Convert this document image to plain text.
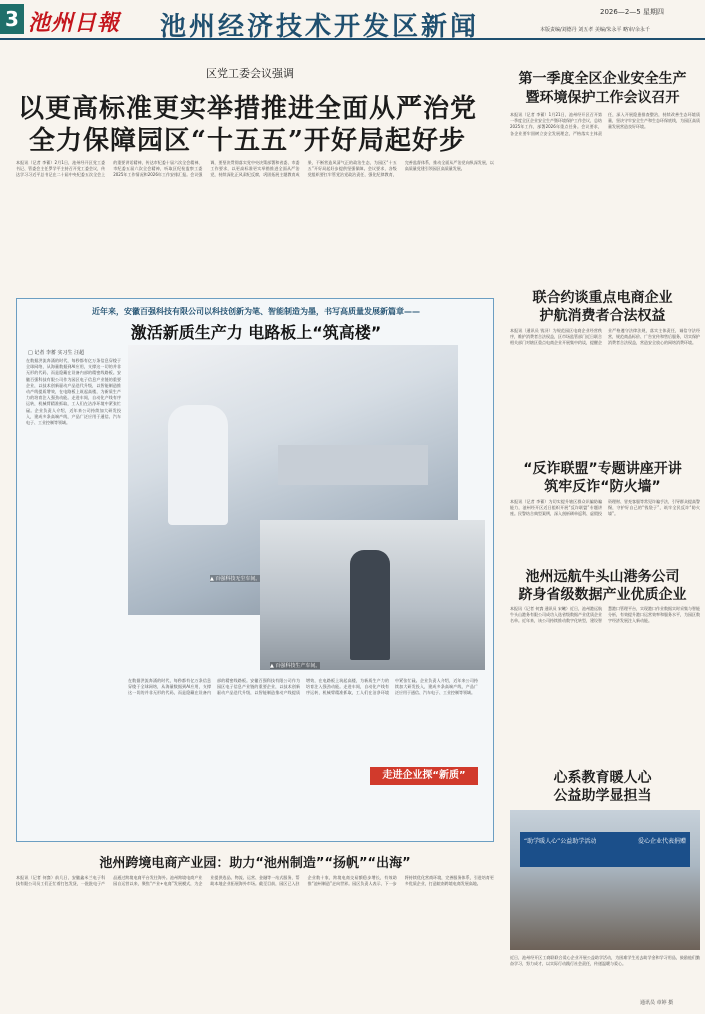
3 池州日報 池州经济技术开发区新闻	2026—2—5 星期四
本版责编/刘德丹 刘五孝 美编/朱永平 略审/余永千
区党工委会议强调
以更高标准更实举措推进全面从严治党
全力保障园区“十五五”开好局起好步
本报讯（记者 李蓄）2月1日，池州经开区党工委书记、管委会主任罗学平主持召开党工委会议，传达学习习近平总书记在二十届中央纪委五次全会上的重要讲话精神，传达市纪委十届六次全会精神、市纪委五届六次全会精神，听取区纪检监察工委2025年工作情况和2026年工作安排汇报。会议强调，要坚决贯彻落实党中央决策部署和省委、市委工作要求，以更高标准更实举措推进全面从严治党，持续深化正风肃纪反腐，巩固拓展主题教育成果，不断营造风清气正的政治生态，为园区“十五五”开好局起好步提供坚强保障。会议要求，各级党组织要扛牢管党治党政治责任，强化纪律教育，完善监督体系，推动全面从严治党向纵深发展，以高质量党建引领园区高质量发展。
第一季度全区企业安全生产
暨环境保护工作会议召开
本报讯（记者 李蓄）1月21日，池州经开区召开第一季度全区企业安全生产暨环境保护工作会议，总结2025年工作，部署2026年重点任务。会议要求，各企业要牢固树立安全发展理念，严格落实主体责任，深入开展隐患排查整治，持续改善生态环境质量，坚决守牢安全生产和生态环保底线，为园区高质量发展营造良好环境。
近年来，安徽百强科技有限公司以科技创新为笔、智能制造为墨，书写高质量发展新篇章——
激活新质生产力 电路板上“筑高楼”
□ 记者 李蓄 实习生 汪超
在数据洪流奔涌的时代，每秒都有亿万条信息穿梭于全球网络，从海量数据到AI应用，支撑这一切的并非无形的代码，而是隐藏在设备内部的精密线路板。安徽百强科技有限公司作为园区电子信息产业链的重要企业，以技术创新驱动产品迭代升级，以智能制造推动产线提质增效，在电路板上筑起高楼，为新质生产力的培育注入强劲动能。走进车间，自动化产线有序运转，机械臂精准抓取，工人们在洁净环境中紧张忙碌。企业负责人介绍，近年来公司持续加大研发投入，建成多条高端产线，产品广泛应用于通信、汽车电子、工业控制等领域。
▲ 百强科技无尘车间。
▲ 百强科技生产车间。
在数据洪流奔涌的时代，每秒都有亿万条信息穿梭于全球网络，从海量数据到AI应用，支撑这一切的并非无形的代码，而是隐藏在设备内部的精密线路板。安徽百强科技有限公司作为园区电子信息产业链的重要企业，以技术创新驱动产品迭代升级，以智能制造推动产线提质增效，在电路板上筑起高楼，为新质生产力的培育注入强劲动能。走进车间，自动化产线有序运转，机械臂精准抓取，工人们在洁净环境中紧张忙碌。企业负责人介绍，近年来公司持续加大研发投入，建成多条高端产线，产品广泛应用于通信、汽车电子、工业控制等领域。
走进企业探“新质”
池州跨境电商产业园：助力“池州制造”“扬帆”“出海”
本报讯（记者 何寰）前几日，安徽鑫米兰电子科技有限公司员工们正忙着打包发货，一批批电子产品通过跨境电商平台发往海外。池州跨境电商产业园自运营以来，聚焦“产业+电商”发展模式，为企业提供选品、物流、运营、金融等一站式服务，帮助本地企业拓展海外市场。截至目前，园区已入驻企业数十家，跨境电商交易额稳步增长，有效助推“池州制造”走向世界。园区负责人表示，下一步将持续优化营商环境，完善服务体系，引进培育更多优质企业，打造皖南跨境电商发展高地。
联合约谈重点电商企业
护航消费者合法权益
本报讯（通讯员 钱浔）为规范园区电商企业经营秩序，维护消费者合法权益，区市场监管部门近日联合相关部门对辖区重点电商企业开展集中约谈，提醒企业严格遵守法律法规，落实主体责任，诚信守法经营，规范商品标价、广告宣传和售后服务，切实保护消费者合法权益，营造安全放心的网络消费环境。
“反诈联盟”专题讲座开讲
筑牢反诈“防火墙”
本报讯（记者 李蓄）为切实提升辖区群众识骗防骗能力，池州经开区近日组织开展“反诈联盟”专题讲座。民警结合典型案例，深入剖析刷单返利、虚假投资理财、冒充客服等常见诈骗手法，引导群众提高警惕，守护好自己的“钱袋子”，筑牢全民反诈“防火墙”。
池州远航牛头山港务公司
跻身省级数据产业优质企业
本报讯（记者 何寰 通讯员 宋曦）近日，池州港远航牛头山港务有限公司成功入选省级数据产业优质企业名单。近年来，该公司持续推动数字化转型，建设智慧港口管理平台，实现港口作业数据实时采集与智能分析，有效提升港口运营效率和服务水平，为园区数字经济发展注入新动能。
心系教育暖人心
公益助学显担当
“助学暖人心”公益助学活动	爱心企业代表捐赠
近日，池州经开区工商联联合爱心企业开展公益助学活动，为困难学生送去助学金和学习用品，鼓励他们勤奋学习，努力成才，以实际行动践行社会责任，传递温暖与爱心。
通讯员 章婷 摄
